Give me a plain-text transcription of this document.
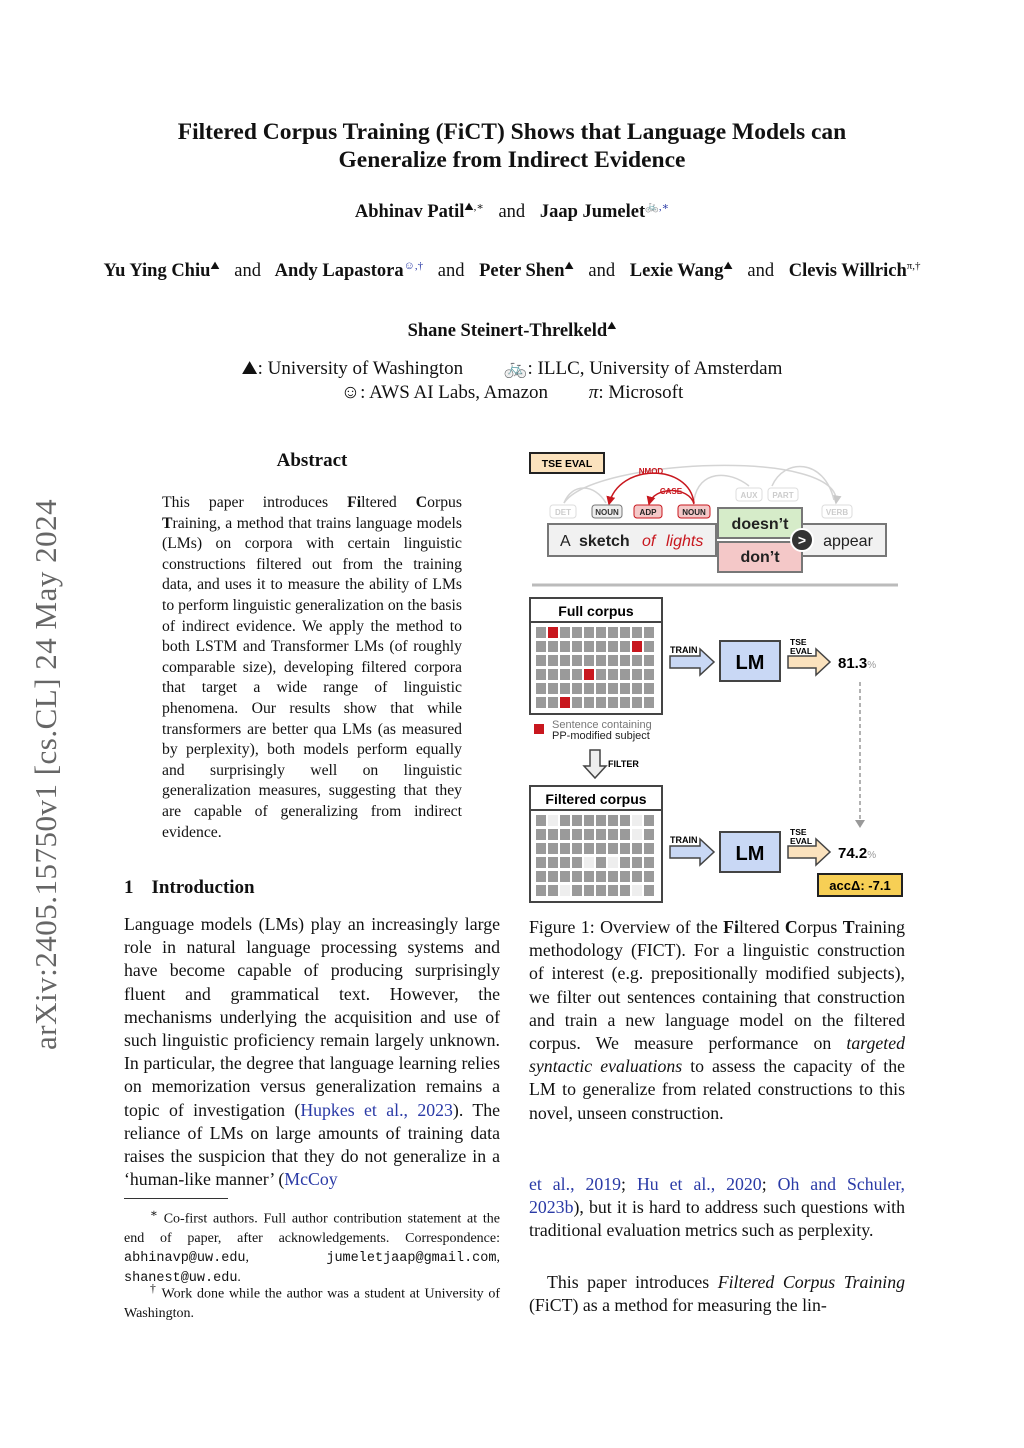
Filtered Corpus Training (FiCT) Shows that Language Models can
Generalize from Indirect Evidence
Abhinav Patil⛰,∗ and Jaap Jumelet🚲,∗
Yu Ying Chiu⛰ and Andy Lapastora☺,† and Peter Shen⛰ and Lexie Wang⛰ and Clevis Willrich$^{\pi,\dagger}$
Shane Steinert-Threlkeld⛰
⛰: University of Washington 🚲: ILLC, University of Amsterdam
☺: AWS AI Labs, Amazon π: Microsoft
arXiv:2405.15750v1 [cs.CL] 24 May 2024
Abstract
This paper introduces Filtered Corpus Training, a method that trains language models (LMs) on corpora with certain linguistic constructions filtered out from the training data, and uses it to measure the ability of LMs to perform linguistic generalization on the basis of indirect evidence. We apply the method to both LSTM and Transformer LMs (of roughly comparable size), developing filtered corpora that target a wide range of linguistic phenomena. Our results show that while transformers are better qua LMs (as measured by perplexity), both models perform equally and surprisingly well on linguistic generalization measures, suggesting that they are capable of generalizing from indirect evidence.
1 Introduction
Language models (LMs) play an increasingly large role in natural language processing systems and have become capable of producing surprisingly fluent and grammatical text. However, the mechanisms underlying the acquisition and use of such linguistic proficiency remain largely unknown. In particular, the degree that language learning relies on memorization versus generalization remains a topic of investigation (Hupkes et al., 2023). The reliance of LMs on large amounts of training data raises the suspicion that they do not generalize in a ‘human-like manner’ (McCoy
∗ Co-first authors. Full author contribution statement at the end of paper, after acknowledgements. Correspondence: abhinavp@uw.edu,     jumeletjaap@gmail.com, shanest@uw.edu.
† Work done while the author was a student at University of Washington.
TSE EVAL
NMOD
CASE
DET	NOUN	ADP	NOUN
AUX PART
VERB
A sketch of lights	appear
doesn’t
don’t
>
Full corpus
Sentence containing
PP-modified subject
FILTER
Filtered corpus
TRAIN
LM
TSE
EVAL
81.3%
TRAIN
LM
TSE
EVAL
74.2%
accΔ: -7.1
Figure 1: Overview of the Filtered Corpus Training methodology (FICT). For a linguistic construction of interest (e.g. prepositionally modified subjects), we filter out sentences containing that construction and train a new language model on the filtered corpus. We measure performance on targeted syntactic evaluations to assess the capacity of the LM to generalize from related constructions to this novel, unseen construction.
et al., 2019; Hu et al., 2020; Oh and Schuler, 2023b), but it is hard to address such questions with traditional evaluation metrics such as perplexity.
This paper introduces Filtered Corpus Training (FiCT) as a method for measuring the lin-
